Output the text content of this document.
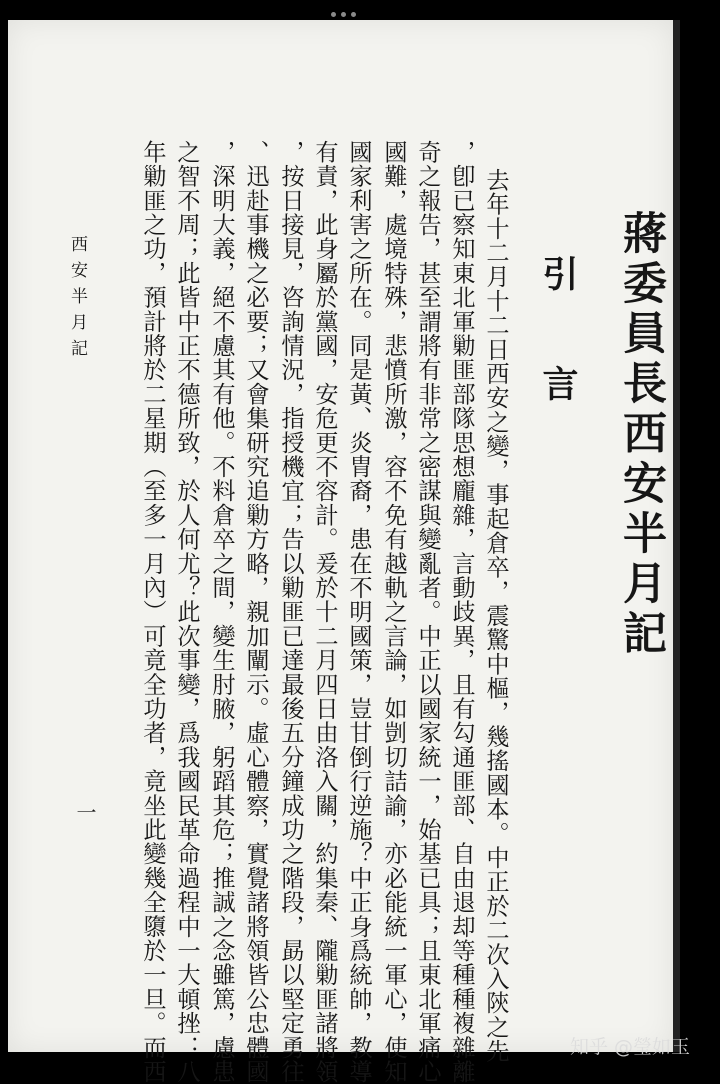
蔣委員長西安半月記
引言

去年十二月十二日西安之變，事起倉卒，震驚中樞，幾搖國本。中正於二次入陝之先

，卽已察知東北軍勦匪部隊思想龐雜，言動歧異，且有勾通匪部、自由退却等種種複雜離

奇之報告，甚至謂將有非常之密謀與變亂者。中正以國家統一，始基已具；且東北軍痛心

國難，處境特殊，悲憤所激，容不免有越軌之言論，如剴切詰諭，亦必能統一軍心，使知

國家利害之所在。同是黃、炎胄裔，患在不明國策，豈甘倒行逆施？中正身爲統帥，教導

有責，此身屬於黨國，安危更不容計。爰於十二月四日由洛入關，約集秦、隴勦匪諸將領

，按日接見，咨詢情況，指授機宜；告以勦匪已達最後五分鐘成功之階段，勗以堅定勇往

、迅赴事機之必要；又會集研究追勦方略，親加闡示。虛心體察，實覺諸將領皆公忠體國

，深明大義，絕不慮其有他。不料倉卒之間，變生肘腋，躬蹈其危；推誠之念雖篤，慮患

之智不周；此皆中正不德所致，於人何尤？此次事變，爲我國民革命過程中一大頓挫：八

年勦匪之功，預計將於二星期（至多一月內）可竟全功者，竟坐此變幾全隳於一旦。而西

西安半月記
一
知乎 @瑩如玉
